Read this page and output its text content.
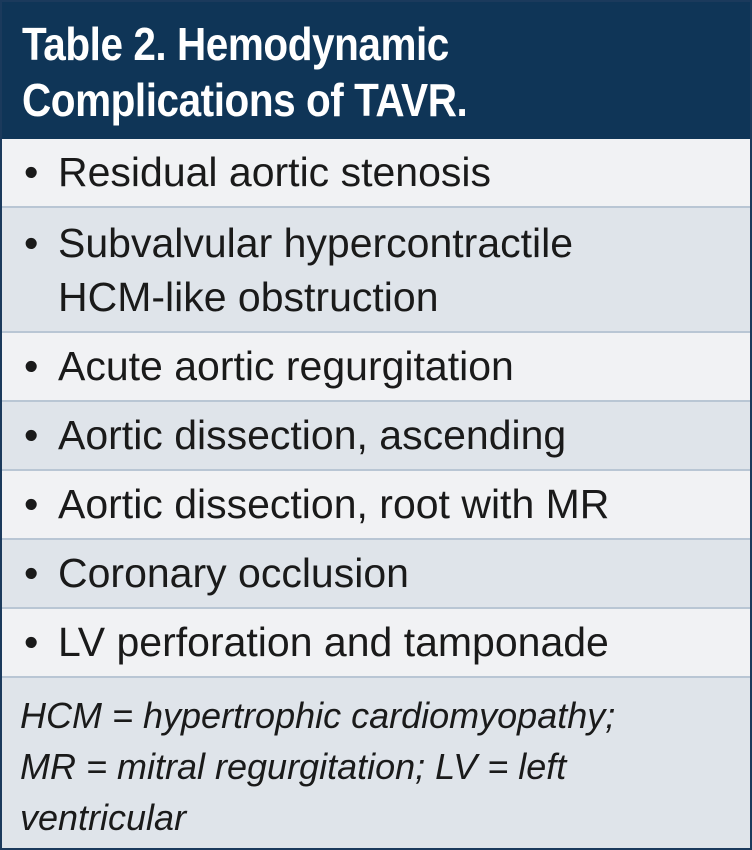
Table 2. Hemodynamic
Complications of TAVR.
• Residual aortic stenosis
• Subvalvular hypercontractile
HCM-like obstruction
• Acute aortic regurgitation
• Aortic dissection, ascending
• Aortic dissection, root with MR
• Coronary occlusion
• LV perforation and tamponade
HCM = hypertrophic cardiomyopathy;
MR = mitral regurgitation; LV = left
ventricular
